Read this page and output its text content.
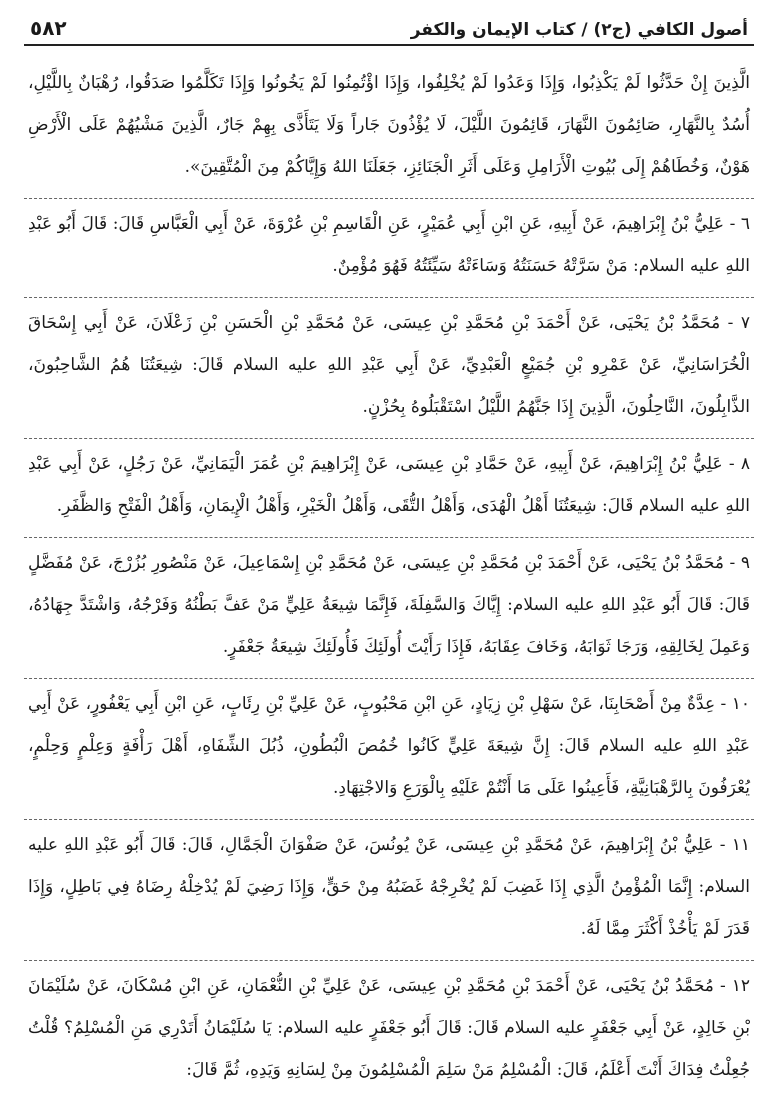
٥٨٢	أصول الكافي (ج٢) / كتاب الإيمان والكفر

الَّذِينَ إِنْ حَدَّثُوا لَمْ يَكْذِبُوا، وَإِذَا وَعَدُوا لَمْ يُخْلِفُوا، وَإِذَا اؤْتُمِنُوا لَمْ يَخُونُوا وَإِذَا تَكَلَّمُوا صَدَقُوا، رُهْبَانٌ بِاللَّيْلِ، أُسُدٌ بِالنَّهَارِ، صَائِمُونَ النَّهَارَ، قَائِمُونَ اللَّيْلَ، لَا يُؤْذُونَ جَاراً وَلَا يَتَأَذَّى بِهِمْ جَارٌ، الَّذِينَ مَشْيُهُمْ عَلَى الْأَرْضِ هَوْنٌ، وَخُطَاهُمْ إِلَى بُيُوتِ الْأَرَامِلِ وَعَلَى أَثَرِ الْجَنَائِزِ، جَعَلَنَا اللهُ وَإِيَّاكُمْ مِنَ الْمُتَّقِينَ».

٦ - عَلِيُّ بْنُ إِبْرَاهِيمَ، عَنْ أَبِيهِ، عَنِ ابْنِ أَبِي عُمَيْرٍ، عَنِ الْقَاسِمِ بْنِ عُرْوَةَ، عَنْ أَبِي الْعَبَّاسِ قَالَ: قَالَ أَبُو عَبْدِ اللهِ عليه السلام: مَنْ سَرَّتْهُ حَسَنَتُهُ وَسَاءَتْهُ سَيِّئَتُهُ فَهُوَ مُؤْمِنٌ.

٧ - مُحَمَّدُ بْنُ يَحْيَى، عَنْ أَحْمَدَ بْنِ مُحَمَّدِ بْنِ عِيسَى، عَنْ مُحَمَّدِ بْنِ الْحَسَنِ بْنِ زَعْلَانَ، عَنْ أَبِي إِسْحَاقَ الْخُرَاسَانِيِّ، عَنْ عَمْرِو بْنِ جُمَيْعٍ الْعَبْدِيِّ، عَنْ أَبِي عَبْدِ اللهِ عليه السلام قَالَ: شِيعَتُنَا هُمُ الشَّاحِبُونَ، الذَّابِلُونَ، النَّاحِلُونَ، الَّذِينَ إِذَا جَنَّهُمُ اللَّيْلُ اسْتَقْبَلُوهُ بِحُزْنٍ.

٨ - عَلِيُّ بْنُ إِبْرَاهِيمَ، عَنْ أَبِيهِ، عَنْ حَمَّادِ بْنِ عِيسَى، عَنْ إِبْرَاهِيمَ بْنِ عُمَرَ الْيَمَانِيِّ، عَنْ رَجُلٍ، عَنْ أَبِي عَبْدِ اللهِ عليه السلام قَالَ: شِيعَتُنَا أَهْلُ الْهُدَى، وَأَهْلُ التُّقَى، وَأَهْلُ الْخَيْرِ، وَأَهْلُ الْإِيمَانِ، وَأَهْلُ الْفَتْحِ وَالظَّفَرِ.

٩ - مُحَمَّدُ بْنُ يَحْيَى، عَنْ أَحْمَدَ بْنِ مُحَمَّدِ بْنِ عِيسَى، عَنْ مُحَمَّدِ بْنِ إِسْمَاعِيلَ، عَنْ مَنْصُورِ بُزُرْجَ، عَنْ مُفَضَّلٍ قَالَ: قَالَ أَبُو عَبْدِ اللهِ عليه السلام: إِيَّاكَ وَالسَّفِلَةَ، فَإِنَّمَا شِيعَةُ عَلِيٍّ مَنْ عَفَّ بَطْنُهُ وَفَرْجُهُ، وَاشْتَدَّ جِهَادُهُ، وَعَمِلَ لِخَالِقِهِ، وَرَجَا ثَوَابَهُ، وَخَافَ عِقَابَهُ، فَإِذَا رَأَيْتَ أُولَئِكَ فَأُولَئِكَ شِيعَةُ جَعْفَرٍ.

١٠ - عِدَّةٌ مِنْ أَصْحَابِنَا، عَنْ سَهْلِ بْنِ زِيَادٍ، عَنِ ابْنِ مَحْبُوبٍ، عَنْ عَلِيِّ بْنِ رِئَابٍ، عَنِ ابْنِ أَبِي يَعْفُورٍ، عَنْ أَبِي عَبْدِ اللهِ عليه السلام قَالَ: إِنَّ شِيعَةَ عَلِيٍّ كَانُوا خُمُصَ الْبُطُونِ، ذُبُلَ الشِّفَاهِ، أَهْلَ رَأْفَةٍ وَعِلْمٍ وَحِلْمٍ، يُعْرَفُونَ بِالرَّهْبَانِيَّةِ، فَأَعِينُوا عَلَى مَا أَنْتُمْ عَلَيْهِ بِالْوَرَعِ وَالاجْتِهَادِ.

١١ - عَلِيُّ بْنُ إِبْرَاهِيمَ، عَنْ مُحَمَّدِ بْنِ عِيسَى، عَنْ يُونُسَ، عَنْ صَفْوَانَ الْجَمَّالِ، قَالَ: قَالَ أَبُو عَبْدِ اللهِ عليه السلام: إِنَّمَا الْمُؤْمِنُ الَّذِي إِذَا غَضِبَ لَمْ يُخْرِجْهُ غَضَبُهُ مِنْ حَقٍّ، وَإِذَا رَضِيَ لَمْ يُدْخِلْهُ رِضَاهُ فِي بَاطِلٍ، وَإِذَا قَدَرَ لَمْ يَأْخُذْ أَكْثَرَ مِمَّا لَهُ.

١٢ - مُحَمَّدُ بْنُ يَحْيَى، عَنْ أَحْمَدَ بْنِ مُحَمَّدِ بْنِ عِيسَى، عَنْ عَلِيِّ بْنِ النُّعْمَانِ، عَنِ ابْنِ مُسْكَانَ، عَنْ سُلَيْمَانَ بْنِ خَالِدٍ، عَنْ أَبِي جَعْفَرٍ عليه السلام قَالَ: قَالَ أَبُو جَعْفَرٍ عليه السلام: يَا سُلَيْمَانُ أَتَدْرِي مَنِ الْمُسْلِمُ؟ قُلْتُ جُعِلْتُ فِدَاكَ أَنْتَ أَعْلَمُ، قَالَ: الْمُسْلِمُ مَنْ سَلِمَ الْمُسْلِمُونَ مِنْ لِسَانِهِ وَيَدِهِ، ثُمَّ قَالَ:
